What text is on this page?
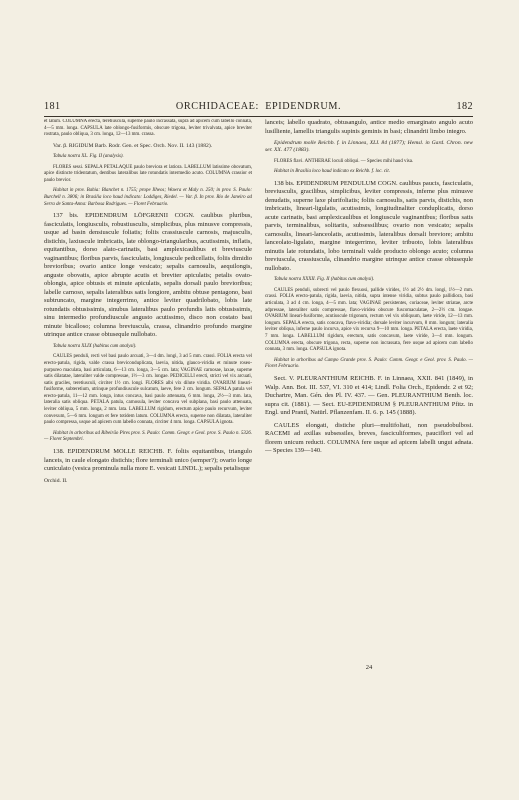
181	ORCHIDACEAE: EPIDENDRUM.	182

et latum. COLUMNA erecta, teretiuscula, superne paulo incrassata, supra ad apicem cum labello connata, 4—5 mm. longa. CAPSULA late oblongo-fusiformis, obscure trigona, leviter trivalvata, apice breviter rostrata, paulo obliqua, 3 cm. longa, 12—13 mm. crassa.

Var. β. RIGIDUM Barb. Rodr. Gen. et Spec. Orch. Nov. II. 143 (1882).

Tabula nostra XL. Fig. II (analysis).

FLORES sessi. SEPALA PETALAQUE paulo breviora et latiora. LABELLUM latissime obovatum, apice distincte tridentatum, dentibus lateralibus late rotundatis intermedio acuto. COLUMNA crassior et paulo brevior.

Habitat in prov. Bahia: Blanchet n. 1755; prope Ilheos; Wawra et Maly n. 250; in prov. S. Paulo: Burchell n. 3806; in Brasilia loco haud indicato: Loddiges, Riedel. — Var. β. In prov. Rio de Janeiro ad Serra de Santa-Anna: Barbosa Rodrigues. — Floret Februario.

137 bis. EPIDENDRUM LÖFGRENII COGN. caulibus pluribus, fasciculatis, longiusculis, robustiusculis, simplicibus, plus minusve compressis, usque ad basin densiuscule foliatis; foliis crassiuscule carnosis, majusculis, distichis, laxiuscule imbricatis, late oblongo-triangularibus, acutissimis, inflatis, equitantibus, dorso alato-carinatis, basi amplexicaulibus et breviuscule vaginantibus; floribus parvis, fasciculatis, longiuscule pedicellatis, foliis dimidio brevioribus; ovario antice longe vesicato; sepalis carnosulis, aequilongis, anguste obovatis, apice abrupte acutis et breviter apiculatis; petalis ovato-oblongis, apice obtusis et minute apiculatis, sepalis dorsali paulo brevioribus; labelle carnoso, sepalis lateralibus satis longiore, ambitu obtuse pentagono, basi subtruncato, margine integerrimo, antice leviter quadrilobato, lobis late rotundatis obtusissimis, sinubus lateralibus paulo profundis latis obtusissimis, sinu intermedio profundiuscule angusto acutissimo, disco non costato basi minute bicalloso; columna breviuscula, crassa, clinandrio profundo margine utrinque antice crasse obtusequle nullobato.

Tabula nostra XLIX (habitus cum analysi).

CAULES penduli, recti vel basi paulo arcuati, 3—4 dm. longi, 3 ad 5 mm. crassi. FOLIA erecta vel erecto-patula, rigida, valde crassa breviconduplicata, laevia, nitida, glauco-viridia et minute roseo-purpureo maculata, basi articulata, 6—13 cm. longa, 3—5 cm. lata; VAGINAE carnosae, laxae, superne satis dilatatae, lateraliter valde compressae, 1½—3 cm. longae. PEDICELLI erecti, stricti vel vix arcuati, satis graciles, teretiusculi, circiter 1½ cm. longi. FLORES albi vix dilute viridia. OVARIUM lineari-fusiforme, subteretium, utrinque profundiuscule sulcatum, laeve, fere 2 cm. longum. SEPALA patula vel erecto-patula, 11—12 mm. longa, intus concava, basi paulo attenuata, 6 mm. longa, 2½—3 mm. lata, lateralia satis obliqua. PETALA patula, carnosula, leviter concava vel subplana, basi paulo attenuata, leviter obliqua, 5 mm. longa, 2 mm. lata. LABELLUM rigidum, erectum apice paulo recurvum, leviter convexum, 5—6 mm. longum et fere totidem latum. COLUMNA erecta, superne non dilatata, lateraliter paulo compressa, usque ad apicem cum labello connata, circiter 4 mm. longa. CAPSULA ignota.

Habitat in arboribus ad Ribeirão Pires prov. S. Paulo: Comm. Geogr. e Geol. prov. S. Paulo n. 5326. — Floret Septembri.

138. EPIDENDRUM MOLLE REICHB. F. foliis equitantibus, triangulo lanceis, in caule elongato distichis; flore terminali unico (semper?); ovario longe cuniculato (vesica prominula nulla more E. vesicati LINDL.); sepalis petalisque

Orchid. II.

lanceis; labello quadrato, obtusangulo, antice medio emarginato angulo acuto lusilliente, lamellis triangulis supinis geminis in basi; clinandrii limbo integro.

Epidendrum molle Reichb. f. in Linnaea, XLI. 84 (1877); Hemsl. in Gard. Chron. new ser. XX. 477 (1883).

FLORES flavi. ANTHERAE loculi obliqui. — Species mihi haud visa.

Habitat in Brasilia loco haud indicato ex Reichb. f. loc. cit.

138 bis. EPIDENDRUM PENDULUM COGN. caulibus paucis, fasciculatis, breviusculis, gracilibus, simplicibus, leviter compressis, inferne plus minusve denudatis, superne laxe plurifoliatis; foliis carnosulis, satis parvis, distichis, non imbricatis, lineari-ligulatis, acutissimis, longitudinaliter conduplicatis, dorso acute carinatis, basi amplexicaulibus et longiuscule vaginantibus; floribus satis parvis, terminalibus, solitariis, subsessilibus; ovario non vesicato; sepalis carnosulis, lineari-lanceolatis, acutissimis, lateralibus dorsali breviore; ambitu lanceolato-ligulato, margine integerrimo, leviter tribuoto, lobis lateralibus minutis late rotundatis, lobo terminali valde producto oblongo acuto; columna breviuscula, crassiuscula, clinandrio margine utrinque antice crasse obtusequle nullobato.

Tabula nostra XXXII. Fig. II (habitus cum analysi).

CAULES penduli, subrecti vel paulo flexuosi, pallide virides, 1½ ad 2½ dm. longi, 1½—2 mm. crassi. FOLIA erecto-patula, rigida, laevia, nitida, supra intense viridia, subtus paulo pallidiora, basi articulata, 3 ad 4 cm. longa, 4—5 mm. lata; VAGINAE persistentes, coriaceae, leviter striatae, arcte adpressae, lateraliter satis compressae, flavo-viridea obscure fuscomaculatae, 2—2½ cm. longae. OVARIUM lineari-fusiforme, acutiuscule trigonum, rectum vel vix obliquum, laete viride, 12—13 mm. longum. SEPALA erecta, satis concava, flavo-viridia; dorsale leviter incurvum, 8 mm. longum; lateralia leviter obliqua, inferne paulo incurva, apice vix recurva 9—10 mm. longa. PETALA erecta, laete viridia, 7 mm. longa. LABELLUM rigidum, erectum, satis concavum, laete viride, 3—4 mm. longum. COLUMNA erecta, obscure trigona, recta, superne non incrassata, fere usque ad apicem cum labello connata, 3 mm. longa. CAPSULA ignota.

Habitat in arboribus ad Campo Grande prov. S. Paulo: Comm. Geogr. e Geol. prov. S. Paulo. — Floret Februario.

Sect. V. PLEURANTHIUM REICHB. F. in Linnaea, XXII. 841 (1849), in Walp. Ann. Bot. III. 537, VI. 310 et 414; Lindl. Folia Orch., Epidendr. 2 et 92; Duchartre, Man. Gén. des Pl. IV. 437. — Gen. PLEURANTHIUM Benth. loc. supra cit. (1881). — Sect. EU-EPIDENDRUM § PLEURANTHIUM Pfitz. in Engl. und Prantl, Natürl. Pflanzenfam. II. 6. p. 145 (1888).

CAULES elongati, distiche pluri—multifoliati, non pseudobulbosi. RACEMI ad axillas subsessiles, breves, fasciculiformes, pauciflori vel ad florem unicum reducti. COLUMNA fere usque ad apicem labelli ungui adnata. — Species 139—140.

24
